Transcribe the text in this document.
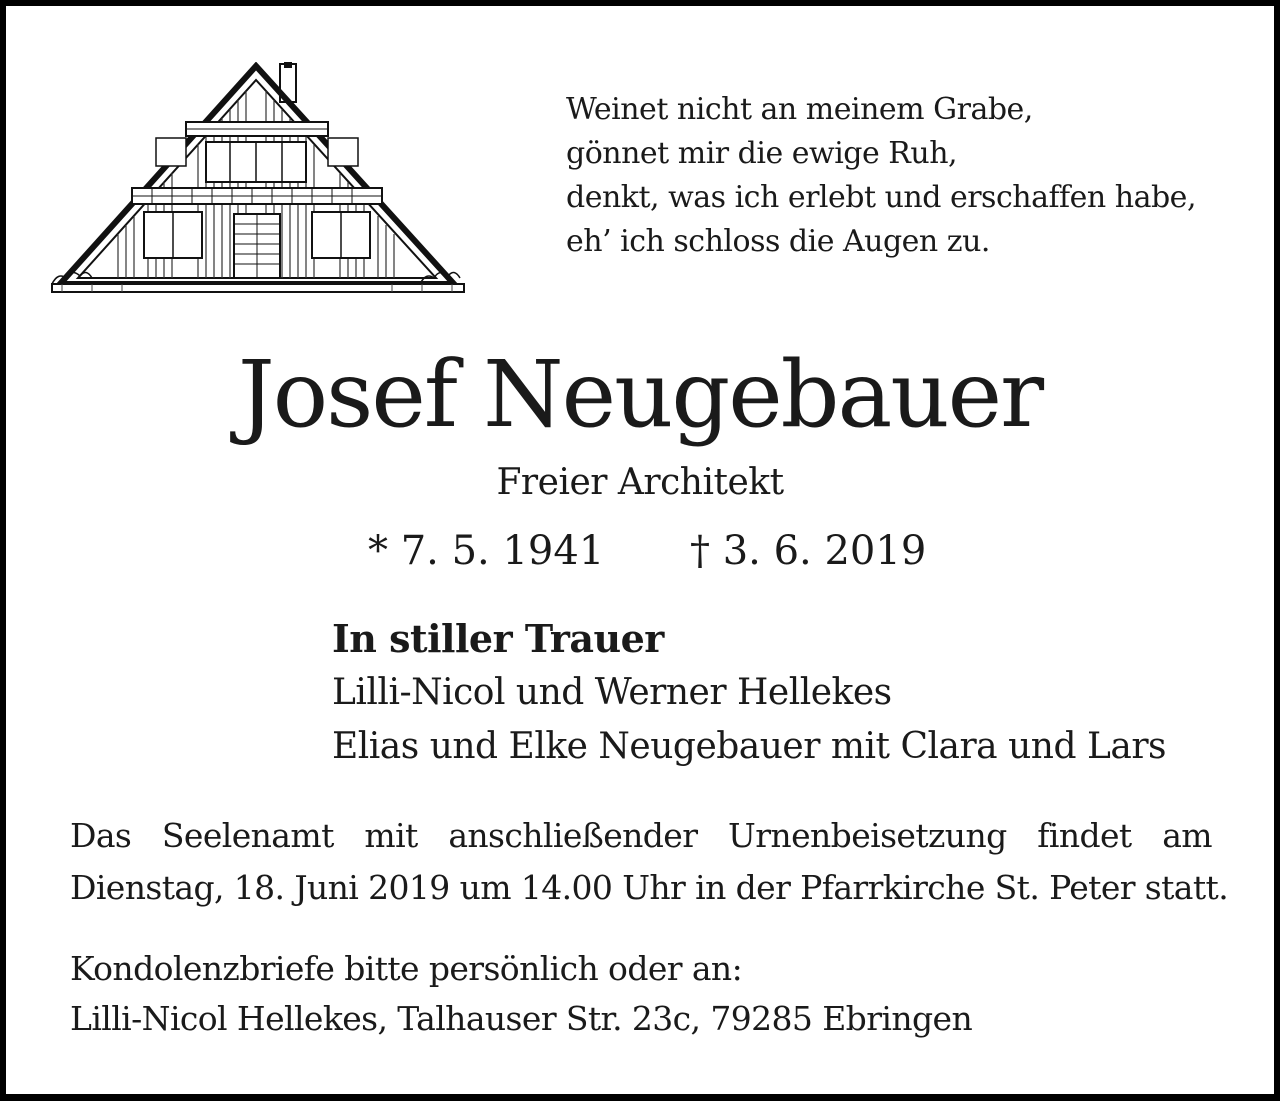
Weinet nicht an meinem Grabe,
gönnet mir die ewige Ruh,
denkt, was ich erlebt und erschaffen habe,
eh’ ich schloss die Augen zu.
Josef Neugebauer
Freier Architekt
* 7. 5. 1941 † 3. 6. 2019
In stiller Trauer
Lilli-Nicol und Werner Hellekes
Elias und Elke Neugebauer mit Clara und Lars
Das Seelenamt mit anschließender Urnenbeisetzung findet am
Dienstag, 18. Juni 2019 um 14.00 Uhr in der Pfarrkirche St. Peter statt.
Kondolenzbriefe bitte persönlich oder an:
Lilli-Nicol Hellekes, Talhauser Str. 23c, 79285 Ebringen
